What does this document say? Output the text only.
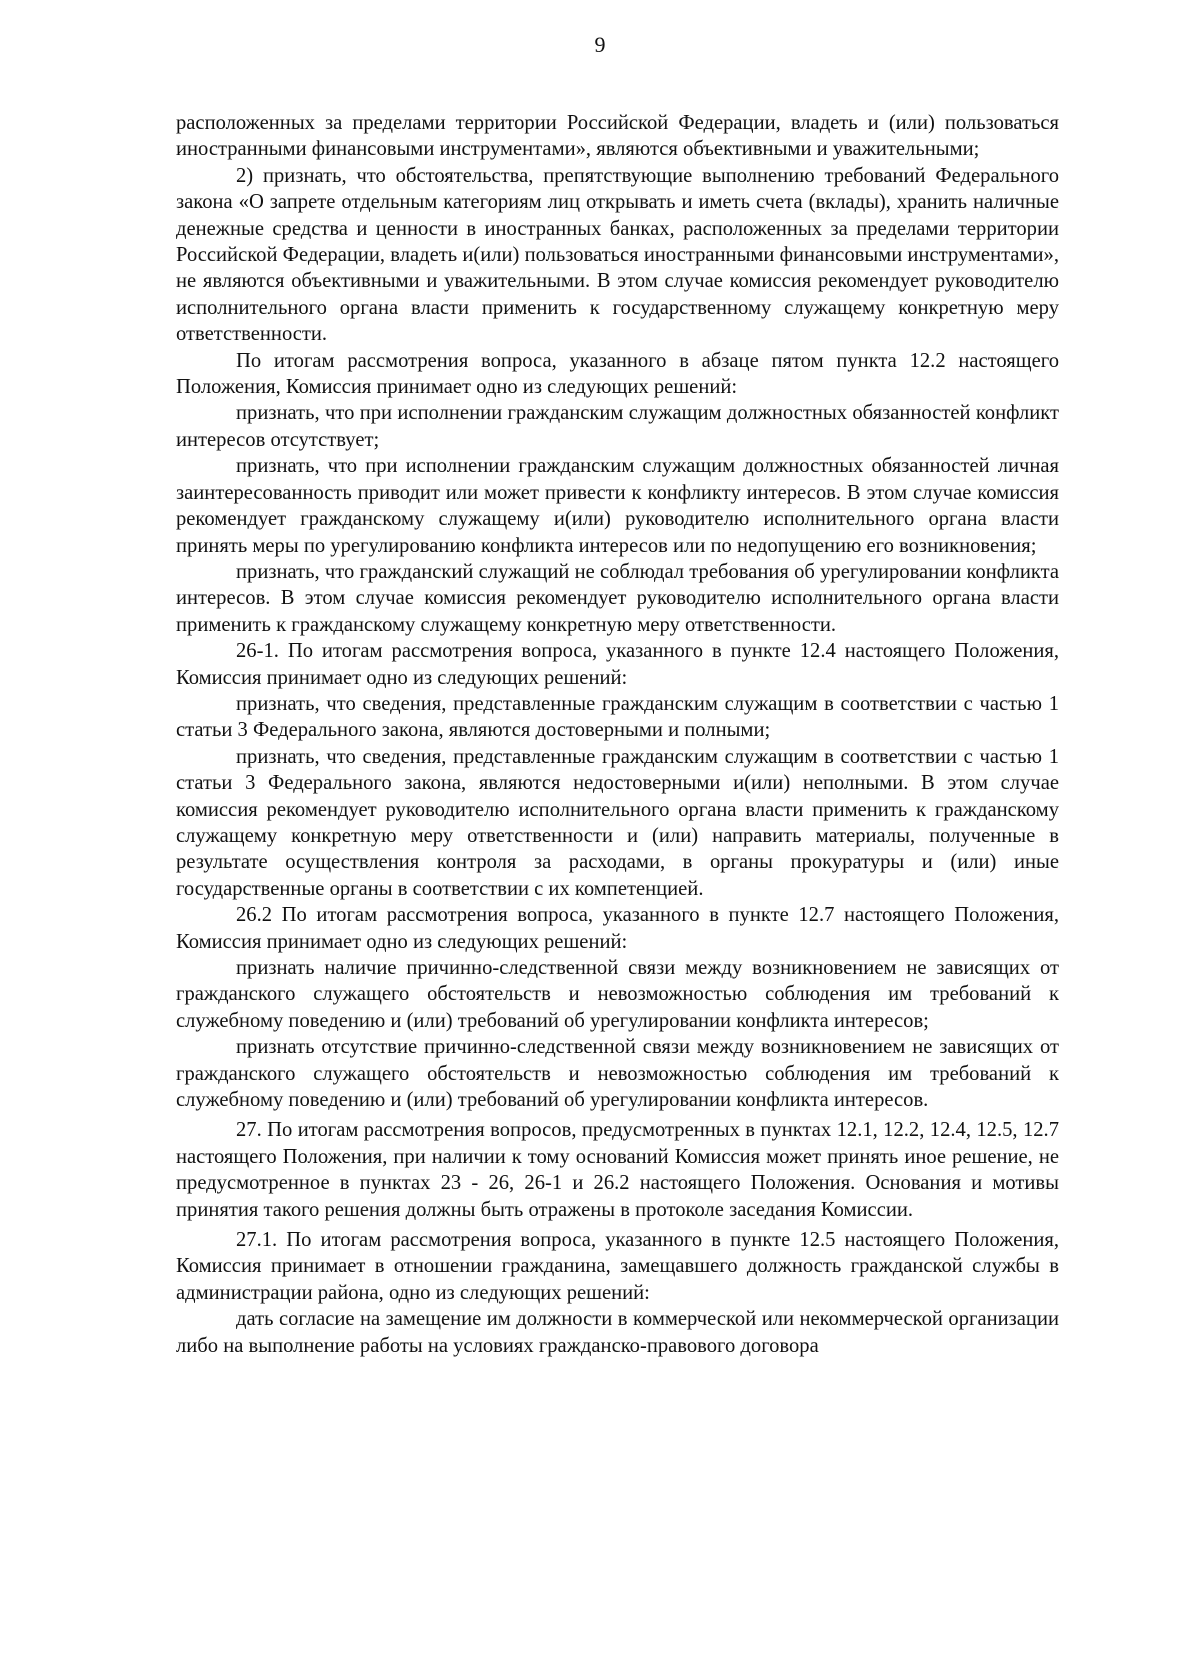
9

расположенных за пределами территории Российской Федерации, владеть и (или) пользоваться иностранными финансовыми инструментами», являются объективными и уважительными;

2) признать, что обстоятельства, препятствующие выполнению требований Федерального закона «О запрете отдельным категориям лиц открывать и иметь счета (вклады), хранить наличные денежные средства и ценности в иностранных банках, расположенных за пределами территории Российской Федерации, владеть и(или) пользоваться иностранными финансовыми инструментами», не являются объективными и уважительными. В этом случае комиссия рекомендует руководителю исполнительного органа власти применить к государственному служащему конкретную меру ответственности.

По итогам рассмотрения вопроса, указанного в абзаце пятом пункта 12.2 настоящего Положения, Комиссия принимает одно из следующих решений:

признать, что при исполнении гражданским служащим должностных обязанностей конфликт интересов отсутствует;

признать, что при исполнении гражданским служащим должностных обязанностей личная заинтересованность приводит или может привести к конфликту интересов. В этом случае комиссия рекомендует гражданскому служащему и(или) руководителю исполнительного органа власти принять меры по урегулированию конфликта интересов или по недопущению его возникновения;

признать, что гражданский служащий не соблюдал требования об урегулировании конфликта интересов. В этом случае комиссия рекомендует руководителю исполнительного органа власти применить к гражданскому служащему конкретную меру ответственности.

26-1. По итогам рассмотрения вопроса, указанного в пункте 12.4 настоящего Положения, Комиссия принимает одно из следующих решений:

признать, что сведения, представленные гражданским служащим в соответствии с частью 1 статьи 3 Федерального закона, являются достоверными и полными;

признать, что сведения, представленные гражданским служащим в соответствии с частью 1 статьи 3 Федерального закона, являются недостоверными и(или) неполными. В этом случае комиссия рекомендует руководителю исполнительного органа власти применить к гражданскому служащему конкретную меру ответственности и (или) направить материалы, полученные в результате осуществления контроля за расходами, в органы прокуратуры и (или) иные государственные органы в соответствии с их компетенцией.

26.2 По итогам рассмотрения вопроса, указанного в пункте 12.7 настоящего Положения, Комиссия принимает одно из следующих решений:

признать наличие причинно-следственной связи между возникновением не зависящих от гражданского служащего обстоятельств и невозможностью соблюдения им требований к служебному поведению и (или) требований об урегулировании конфликта интересов;

признать отсутствие причинно-следственной связи между возникновением не зависящих от гражданского служащего обстоятельств и невозможностью соблюдения им требований к служебному поведению и (или) требований об урегулировании конфликта интересов.

27. По итогам рассмотрения вопросов, предусмотренных в пунктах 12.1, 12.2, 12.4, 12.5, 12.7 настоящего Положения, при наличии к тому оснований Комиссия может принять иное решение, не предусмотренное в пунктах 23 - 26, 26-1 и 26.2 настоящего Положения. Основания и мотивы принятия такого решения должны быть отражены в протоколе заседания Комиссии.

27.1. По итогам рассмотрения вопроса, указанного в пункте 12.5 настоящего Положения, Комиссия принимает в отношении гражданина, замещавшего должность гражданской службы в администрации района, одно из следующих решений:

дать согласие на замещение им должности в коммерческой или некоммерческой организации либо на выполнение работы на условиях гражданско-правового договора
